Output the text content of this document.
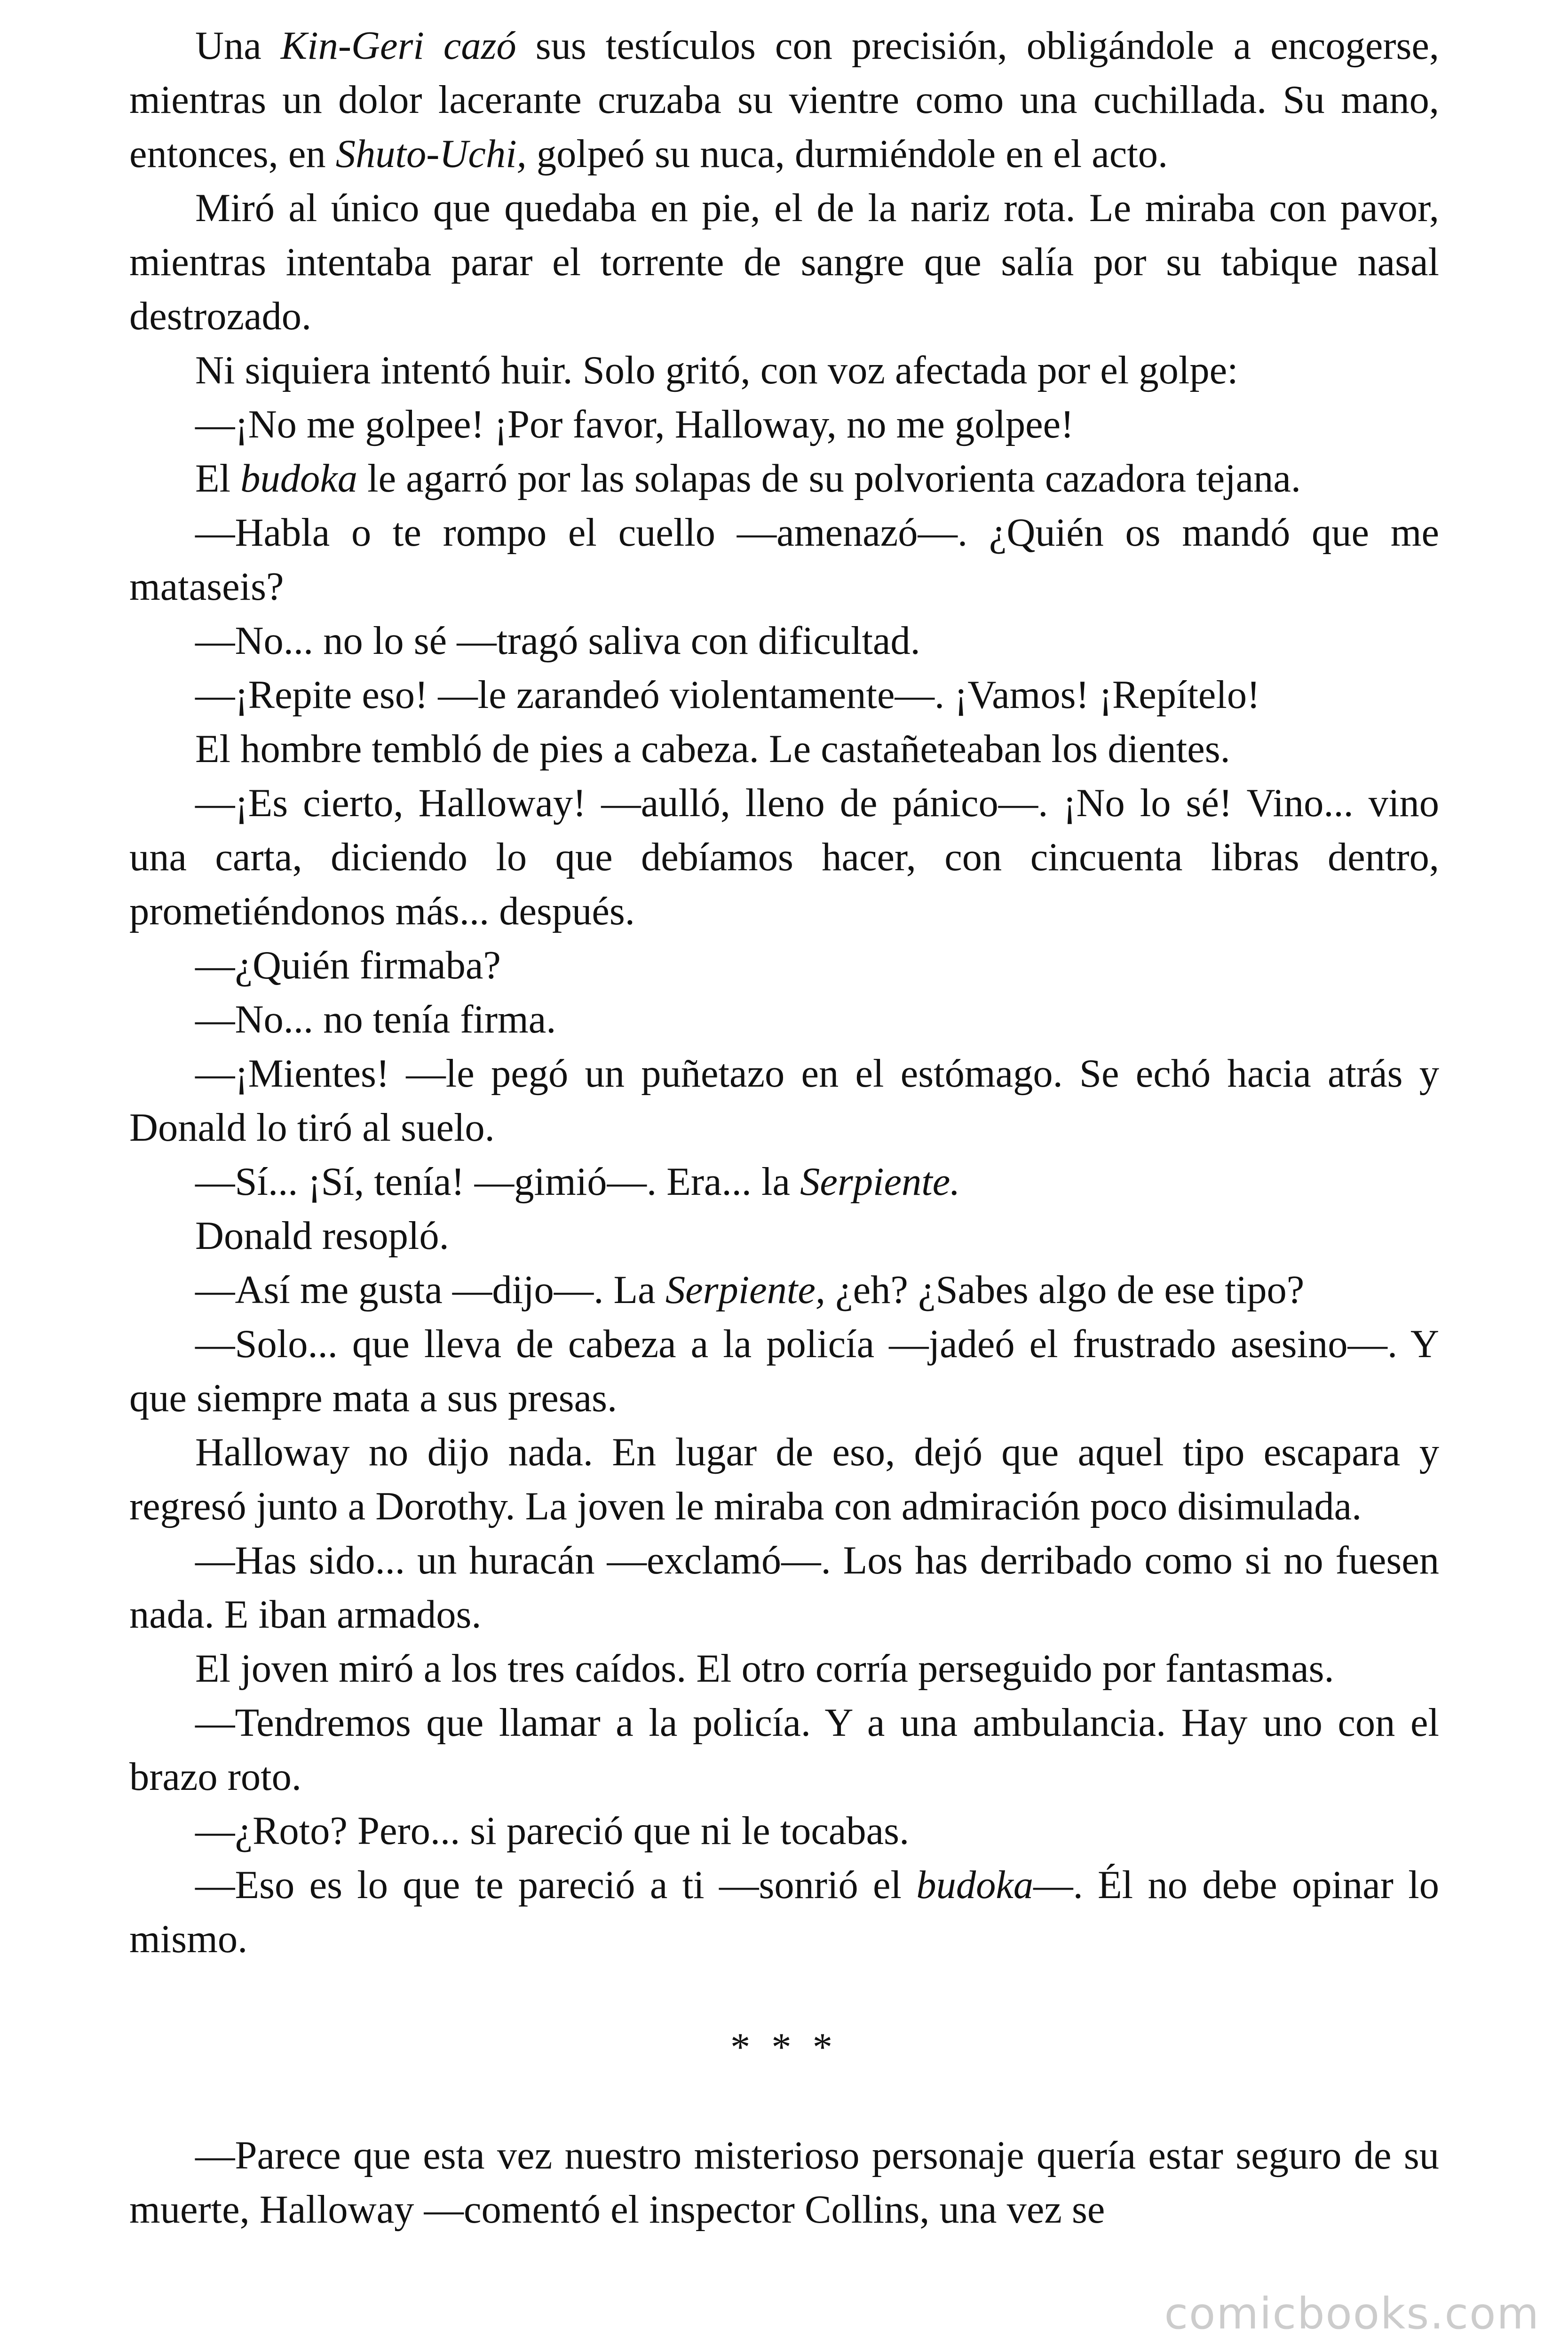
Una Kin-Geri cazó sus testículos con precisión, obligándole a encogerse, mientras un dolor lacerante cruzaba su vientre como una cuchillada. Su mano, entonces, en Shuto-Uchi, golpeó su nuca, durmiéndole en el acto.

Miró al único que quedaba en pie, el de la nariz rota. Le miraba con pavor, mientras intentaba parar el torrente de sangre que salía por su tabique nasal destrozado.

Ni siquiera intentó huir. Solo gritó, con voz afectada por el golpe:

—¡No me golpee! ¡Por favor, Halloway, no me golpee!

El budoka le agarró por las solapas de su polvorienta cazadora tejana.

—Habla o te rompo el cuello —amenazó—. ¿Quién os mandó que me mataseis?

—No... no lo sé —tragó saliva con dificultad.

—¡Repite eso! —le zarandeó violentamente—. ¡Vamos! ¡Repítelo!

El hombre tembló de pies a cabeza. Le castañeteaban los dientes.

—¡Es cierto, Halloway! —aulló, lleno de pánico—. ¡No lo sé! Vino... vino una carta, diciendo lo que debíamos hacer, con cincuenta libras dentro, prometiéndonos más... después.

—¿Quién firmaba?

—No... no tenía firma.

—¡Mientes! —le pegó un puñetazo en el estómago. Se echó hacia atrás y Donald lo tiró al suelo.

—Sí... ¡Sí, tenía! —gimió—. Era... la Serpiente.

Donald resopló.

—Así me gusta —dijo—. La Serpiente, ¿eh? ¿Sabes algo de ese tipo?

—Solo... que lleva de cabeza a la policía —jadeó el frustrado asesino—. Y que siempre mata a sus presas.

Halloway no dijo nada. En lugar de eso, dejó que aquel tipo escapara y regresó junto a Dorothy. La joven le miraba con admiración poco disimulada.

—Has sido... un huracán —exclamó—. Los has derribado como si no fuesen nada. E iban armados.

El joven miró a los tres caídos. El otro corría perseguido por fantasmas.

—Tendremos que llamar a la policía. Y a una ambulancia. Hay uno con el brazo roto.

—¿Roto? Pero... si pareció que ni le tocabas.

—Eso es lo que te pareció a ti —sonrió el budoka—. Él no debe opinar lo mismo.

* * *

—Parece que esta vez nuestro misterioso personaje quería estar seguro de su muerte, Halloway —comentó el inspector Collins, una vez se

comicbooks.com
